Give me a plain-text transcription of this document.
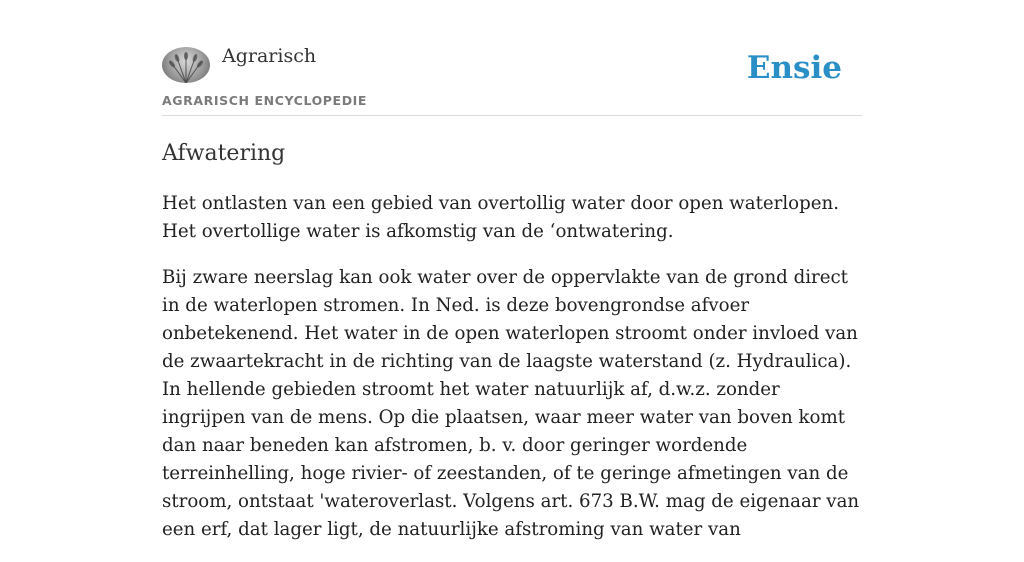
Agrarisch
AGRARISCH ENCYCLOPEDIE
Ensie
Afwatering

Het ontlasten van een gebied van overtollig water door open waterlopen. Het overtollige water is afkomstig van de ‘ontwatering.

Bij zware neerslag kan ook water over de oppervlakte van de grond direct in de waterlopen stromen. In Ned. is deze bovengrondse afvoer onbetekenend. Het water in de open waterlopen stroomt onder invloed van de zwaartekracht in de richting van de laagste waterstand (z. Hydraulica). In hellende gebieden stroomt het water natuurlijk af, d.w.z. zonder ingrijpen van de mens. Op die plaatsen, waar meer water van boven komt dan naar beneden kan afstromen, b. v. door geringer wordende terreinhelling, hoge rivier- of zeestanden, of te geringe afmetingen van de stroom, ontstaat 'wateroverlast. Volgens art. 673 B.W. mag de eigenaar van een erf, dat lager ligt, de natuurlijke afstroming van water van
